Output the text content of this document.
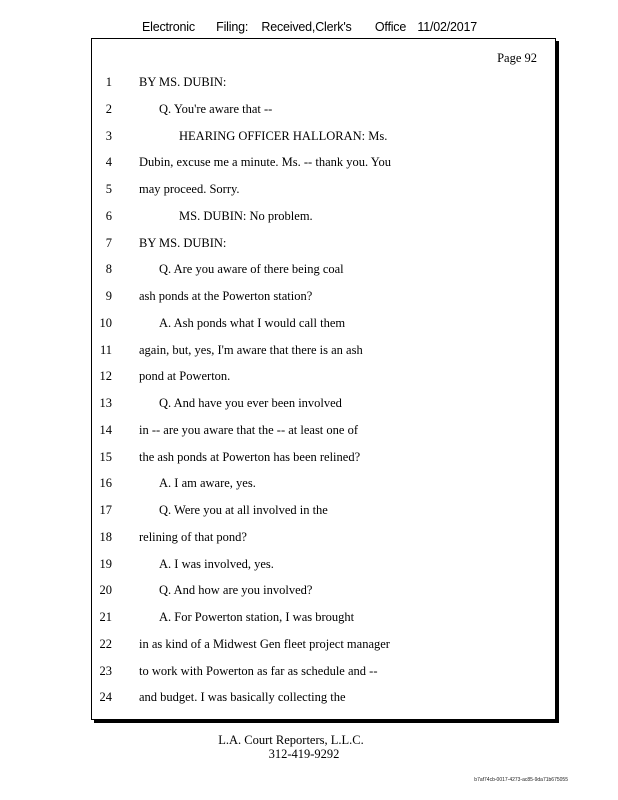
Electronic Filing: Received,Clerk's Office 11/02/2017
Page 92
1 BY MS. DUBIN:
2	Q. You're aware that --
3	HEARING OFFICER HALLORAN: Ms.
4 Dubin, excuse me a minute. Ms. -- thank you. You
5 may proceed. Sorry.
6	MS. DUBIN: No problem.
7 BY MS. DUBIN:
8	Q. Are you aware of there being coal
9 ash ponds at the Powerton station?
10	A. Ash ponds what I would call them
11 again, but, yes, I'm aware that there is an ash
12 pond at Powerton.
13	Q. And have you ever been involved
14 in -- are you aware that the -- at least one of
15 the ash ponds at Powerton has been relined?
16	A. I am aware, yes.
17	Q. Were you at all involved in the
18 relining of that pond?
19	A. I was involved, yes.
20	Q. And how are you involved?
21	A. For Powerton station, I was brought
22 in as kind of a Midwest Gen fleet project manager
23 to work with Powerton as far as schedule and --
24 and budget. I was basically collecting the
L.A. Court Reporters, L.L.C.
312-419-9292
b7af74cb-0017-4273-ac85-9da71b675055
